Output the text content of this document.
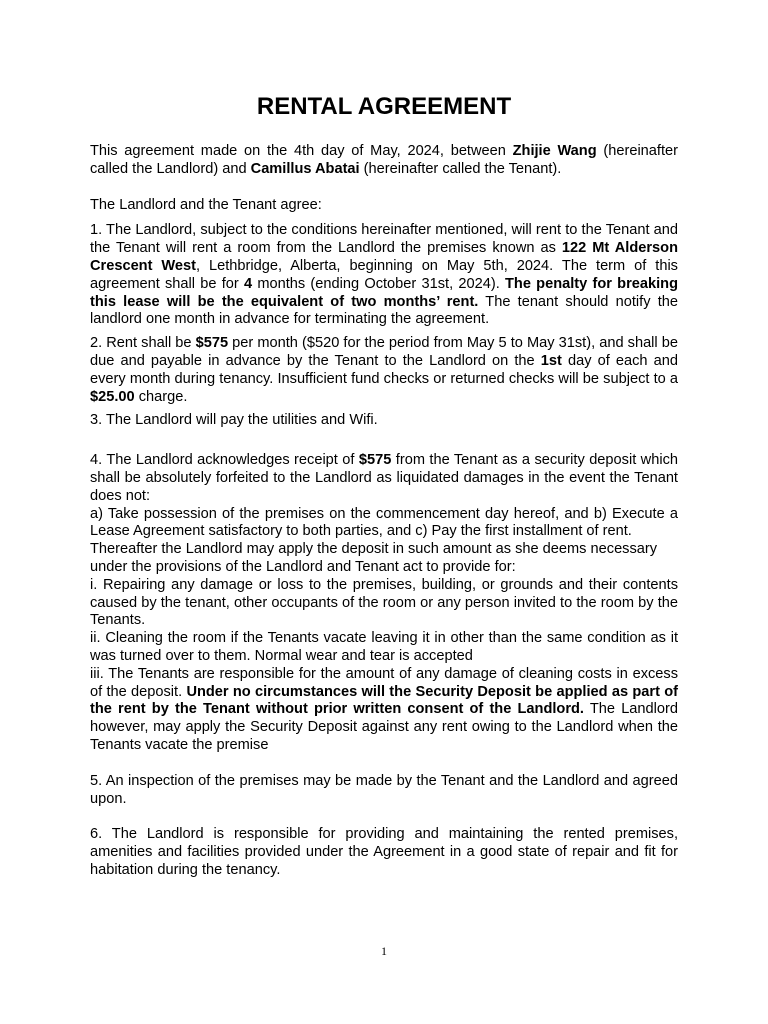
RENTAL AGREEMENT

This agreement made on the 4th day of May, 2024, between Zhijie Wang (hereinafter called the Landlord) and Camillus Abatai (hereinafter called the Tenant).

The Landlord and the Tenant agree:

1. The Landlord, subject to the conditions hereinafter mentioned, will rent to the Tenant and the Tenant will rent a room from the Landlord the premises known as 122 Mt Alderson Crescent West, Lethbridge, Alberta, beginning on May 5th, 2024. The term of this agreement shall be for 4 months (ending October 31st, 2024). The penalty for breaking this lease will be the equivalent of two months’ rent. The tenant should notify the landlord one month in advance for terminating the agreement.

2. Rent shall be $575 per month ($520 for the period from May 5 to May 31st), and shall be due and payable in advance by the Tenant to the Landlord on the 1st day of each and every month during tenancy. Insufficient fund checks or returned checks will be subject to a $25.00 charge.

3. The Landlord will pay the utilities and Wifi.

4. The Landlord acknowledges receipt of $575 from the Tenant as a security deposit which shall be absolutely forfeited to the Landlord as liquidated damages in the event the Tenant does not:

a) Take possession of the premises on the commencement day hereof, and b) Execute a Lease Agreement satisfactory to both parties, and c) Pay the first installment of rent.

Thereafter the Landlord may apply the deposit in such amount as she deems necessary under the provisions of the Landlord and Tenant act to provide for:

i. Repairing any damage or loss to the premises, building, or grounds and their contents caused by the tenant, other occupants of the room or any person invited to the room by the Tenants.

ii. Cleaning the room if the Tenants vacate leaving it in other than the same condition as it was turned over to them. Normal wear and tear is accepted

iii. The Tenants are responsible for the amount of any damage of cleaning costs in excess of the deposit. Under no circumstances will the Security Deposit be applied as part of the rent by the Tenant without prior written consent of the Landlord. The Landlord however, may apply the Security Deposit against any rent owing to the Landlord when the Tenants vacate the premise

5. An inspection of the premises may be made by the Tenant and the Landlord and agreed upon.

6. The Landlord is responsible for providing and maintaining the rented premises, amenities and facilities provided under the Agreement in a good state of repair and fit for habitation during the tenancy.

1
